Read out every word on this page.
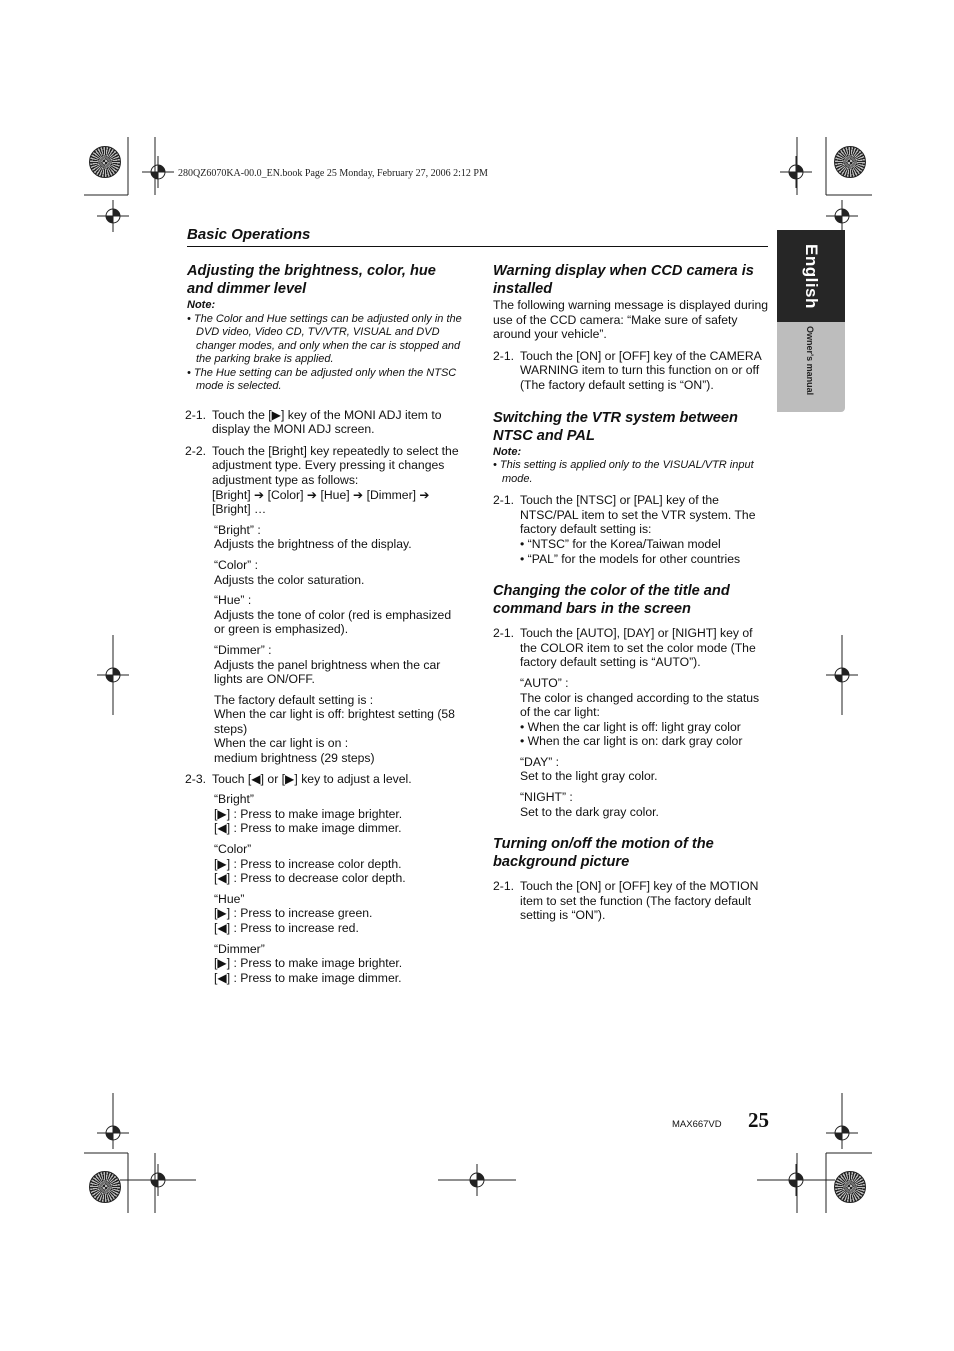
280QZ6070KA-00.0_EN.book Page 25 Monday, February 27, 2006 2:12 PM
Basic Operations
English
Owner's manual

Adjusting the brightness, color, hue and dimmer level

Note:

• The Color and Hue settings can be adjusted only in the DVD video, Video CD, TV/VTR, VISUAL and DVD changer modes, and only when the car is stopped and the parking brake is applied.

• The Hue setting can be adjusted only when the NTSC mode is selected.

2-1. Touch the [▶] key of the MONI ADJ item to display the MONI ADJ screen.
2-2. Touch the [Bright] key repeatedly to select the adjustment type. Every pressing it changes adjustment type as follows:
[Bright] ➔ [Color] ➔ [Hue] ➔ [Dimmer] ➔ [Bright] …

“Bright” :

Adjusts the brightness of the display.

“Color” :

Adjusts the color saturation.

“Hue” :

Adjusts the tone of color (red is emphasized or green is emphasized).

“Dimmer” :

Adjusts the panel brightness when the car lights are ON/OFF.

The factory default setting is :

When the car light is off: brightest setting (58 steps)

When the car light is on :

medium brightness (29 steps)

2-3. Touch [◀] or [▶] key to adjust a level.

“Bright”

[▶] : Press to make image brighter.

[◀] : Press to make image dimmer.

“Color”

[▶] : Press to increase color depth.

[◀] : Press to decrease color depth.

“Hue”

[▶] : Press to increase green.

[◀] : Press to increase red.

“Dimmer”

[▶] : Press to make image brighter.

[◀] : Press to make image dimmer.

Warning display when CCD camera is installed

The following warning message is displayed during use of the CCD camera: “Make sure of safety around your vehicle”.

2-1. Touch the [ON] or [OFF] key of the CAMERA WARNING item to turn this function on or off (The factory default setting is “ON”).

Switching the VTR system between NTSC and PAL

Note:

• This setting is applied only to the VISUAL/VTR input mode.

2-1. Touch the [NTSC] or [PAL] key of the NTSC/PAL item to set the VTR system. The factory default setting is:

• “NTSC” for the Korea/Taiwan model

• “PAL” for the models for other countries

Changing the color of the title and command bars in the screen

2-1. Touch the [AUTO], [DAY] or [NIGHT] key of the COLOR item to set the color mode (The factory default setting is “AUTO”).

“AUTO” :

The color is changed according to the status of the car light:

• When the car light is off: light gray color

• When the car light is on: dark gray color

“DAY” :

Set to the light gray color.

“NIGHT” :

Set to the dark gray color.

Turning on/off the motion of the background picture

2-1. Touch the [ON] or [OFF] key of the MOTION item to set the function (The factory default setting is “ON”).
MAX667VD 25
